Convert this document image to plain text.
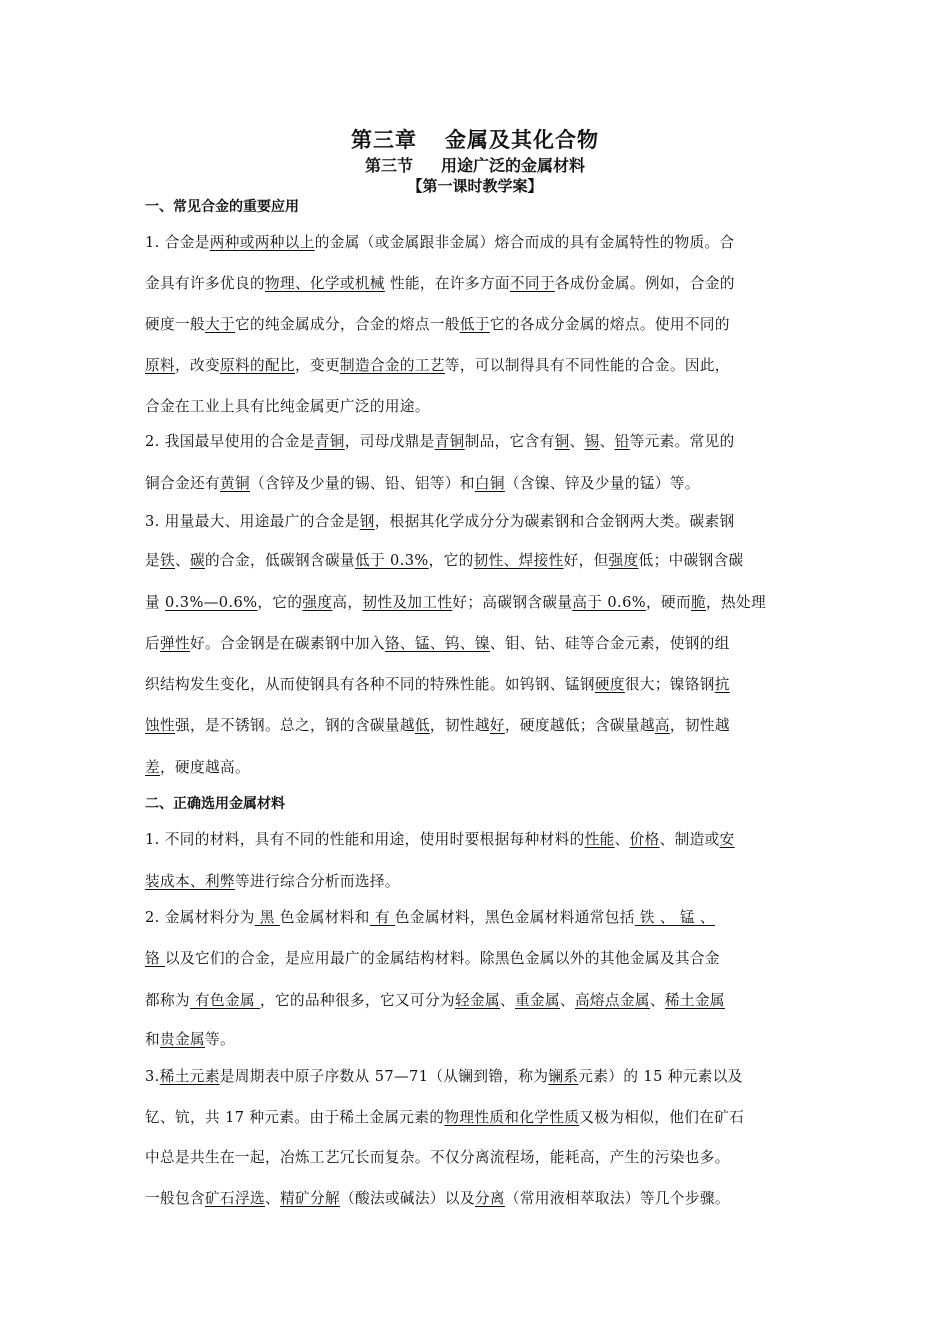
第三章 金属及其化合物
第三节 用途广泛的金属材料
【第一课时教学案】
一、常见合金的重要应用
1. 合金是两种或两种以上的金属（或金属跟非金属）熔合而成的具有金属特性的物质。合
金具有许多优良的物理、化学或机械 性能，在许多方面不同于各成份金属。例如，合金的
硬度一般大于它的纯金属成分，合金的熔点一般低于它的各成分金属的熔点。使用不同的
原料，改变原料的配比，变更制造合金的工艺等，可以制得具有不同性能的合金。因此，
合金在工业上具有比纯金属更广泛的用途。
2. 我国最早使用的合金是青铜，司母戊鼎是青铜制品，它含有铜、锡、铅等元素。常见的
铜合金还有黄铜（含锌及少量的锡、铅、铝等）和白铜（含镍、锌及少量的锰）等。
3. 用量最大、用途最广的合金是钢，根据其化学成分分为碳素钢和合金钢两大类。碳素钢
是铁、碳的合金，低碳钢含碳量低于 0.3%，它的韧性、焊接性好，但强度低；中碳钢含碳
量 0.3%—0.6%，它的强度高，韧性及加工性好；高碳钢含碳量高于 0.6%，硬而脆，热处理
后弹性好。合金钢是在碳素钢中加入铬、锰、钨、镍、钼、钴、硅等合金元素，使钢的组
织结构发生变化，从而使钢具有各种不同的特殊性能。如钨钢、锰钢硬度很大；镍铬钢抗
蚀性强，是不锈钢。总之，钢的含碳量越低，韧性越好，硬度越低；含碳量越高，韧性越
差，硬度越高。
二、正确选用金属材料
1. 不同的材料，具有不同的性能和用途，使用时要根据每种材料的性能、价格、制造或安
装成本、利弊等进行综合分析而选择。
2. 金属材料分为 黑 色金属材料和 有 色金属材料，黑色金属材料通常包括 铁 、 锰 、
铬 以及它们的合金，是应用最广的金属结构材料。除黑色金属以外的其他金属及其合金
都称为 有色金属 ，它的品种很多，它又可分为轻金属、重金属、高熔点金属、稀土金属
和贵金属等。
3.稀土元素是周期表中原子序数从 57—71（从镧到镥，称为镧系元素）的 15 种元素以及
钇、钪，共 17 种元素。由于稀土金属元素的物理性质和化学性质又极为相似，他们在矿石
中总是共生在一起，冶炼工艺冗长而复杂。不仅分离流程场，能耗高，产生的污染也多。
一般包含矿石浮选、精矿分解（酸法或碱法）以及分离（常用液相萃取法）等几个步骤。
